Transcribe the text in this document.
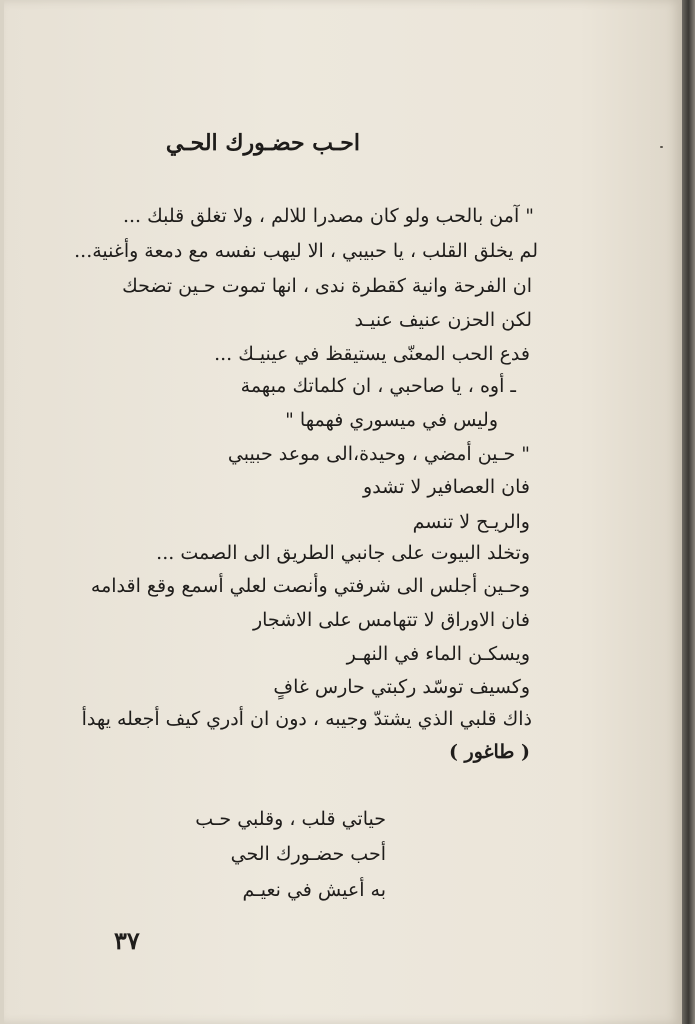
احـب حضـورك الحـي
" آمن بالحب ولو كان مصدرا للالم ، ولا تغلق قلبك ...
لم يخلق القلب ، يا حبيبي ، الا ليهب نفسه مع دمعة وأغنية...
ان الفرحة وانية كقطرة ندى ، انها تموت حـين تضحك
لكن الحزن عنيف عنيـد
فدع الحب المعنّى يستيقظ في عينيـك ...
ـ أوه ، يا صاحبي ، ان كلماتك مبهمة
وليس في ميسوري فهمها "
" حـين أمضي ، وحيدة،الى موعد حبيبي
فان العصافير لا تشدو
والريـح لا تنسم
وتخلد البيوت على جانبي الطريق الى الصمت ...
وحـين أجلس الى شرفتي وأنصت لعلي أسمع وقع اقدامه
فان الاوراق لا تتهامس على الاشجار
ويسكـن الماء في النهـر
وكسيف توسّد ركبتي حارس غافٍ
ذاك قلبي الذي يشتدّ وجيبه ، دون ان أدري كيف أجعله يهدأ
( طاغور )
حياتي قلب ، وقلبي حـب
أحب حضـورك الحي
به أعيش في نعيـم
٣٧
